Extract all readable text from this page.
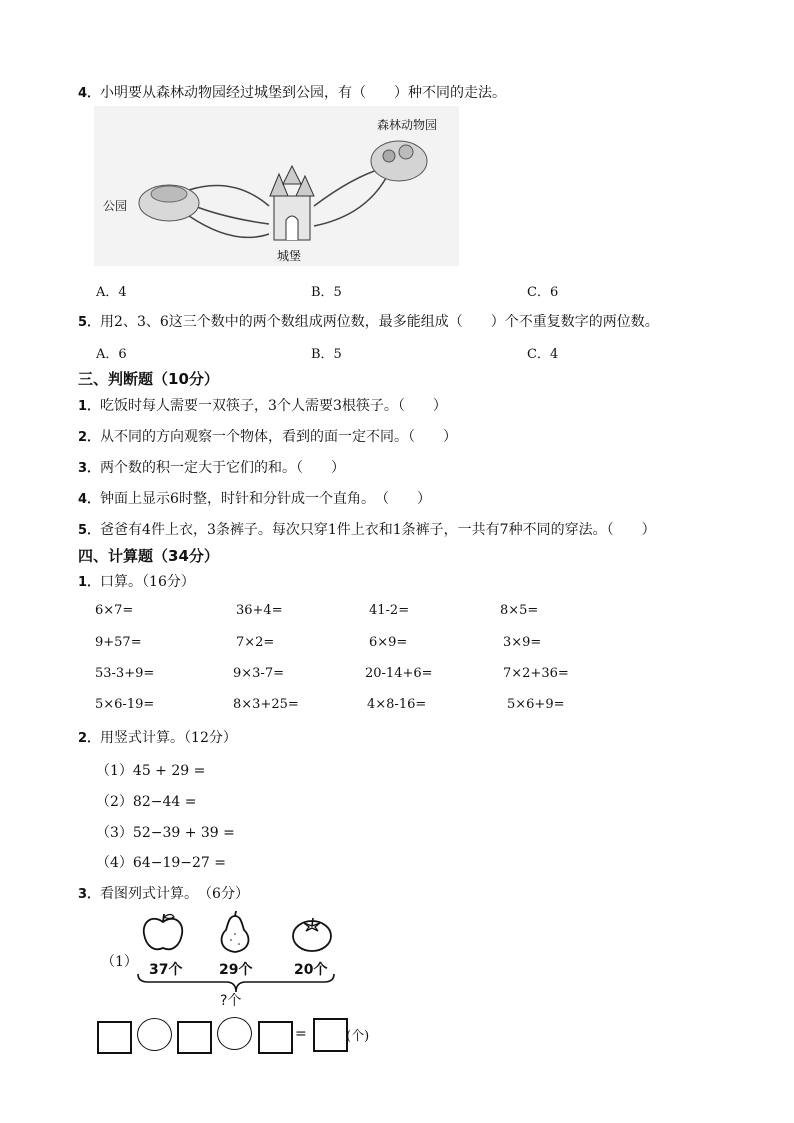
4．小明要从森林动物园经过城堡到公园，有（　　）种不同的走法。
森林动物园
公园
城堡
A．4	B．5	C．6
5．用2、3、6这三个数中的两个数组成两位数，最多能组成（　　）个不重复数字的两位数。
A．6	B．5	C．4
三、判断题（10分）
1．吃饭时每人需要一双筷子，3个人需要3根筷子。（　　）
2．从不同的方向观察一个物体，看到的面一定不同。（　　）
3．两个数的积一定大于它们的和。（　　）
4．钟面上显示6时整，时针和分针成一个直角。　（　　）
5．爸爸有4件上衣，3条裤子。每次只穿1件上衣和1条裤子，一共有7种不同的穿法。（　　）
四、计算题（34分）
1．口算。（16分）
6×7=	36+4=	41-2=	8×5=
9+57=	7×2=	6×9=	3×9=
53-3+9=	9×3-7=	20-14+6=	7×2+36=
5×6-19=	8×3+25=	4×8-16=	5×6+9=
2．用竖式计算。（12分）
（1）45 + 29 =
（2）82−44 =
（3）52−39 + 39 =
（4）64−19−27 =
3．看图列式计算。　（6分）
（1） 37个	29个	20个
?个
=	(个)
